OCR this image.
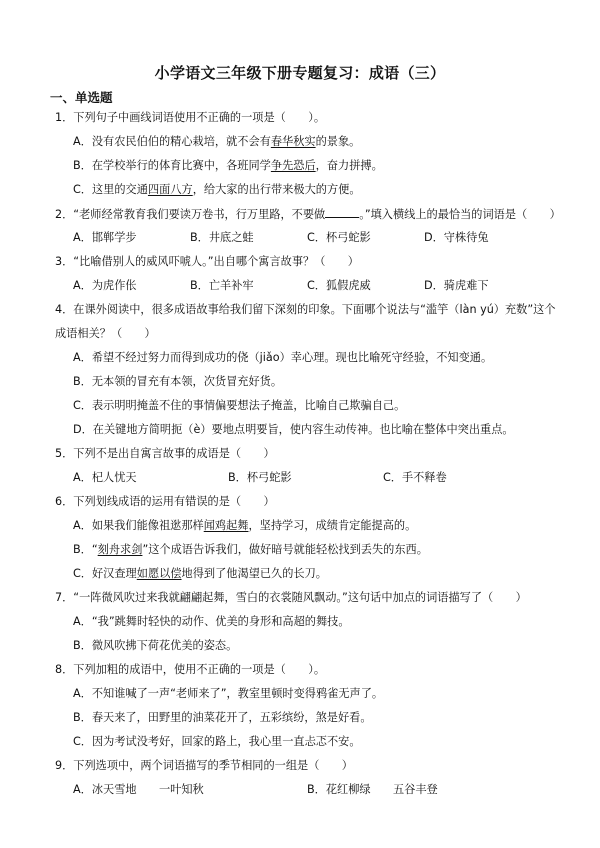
小学语文三年级下册专题复习：成语（三）
一、单选题
1．下列句子中画线词语使用不正确的一项是（　　）。
A．没有农民伯伯的精心栽培，就不会有春华秋实的景象。
B．在学校举行的体育比赛中，各班同学争先恐后，奋力拼搏。
C．这里的交通四面八方，给大家的出行带来极大的方便。
2．“老师经常教育我们要读万卷书，行万里路，不要做	。”填入横线上的最恰当的词语是（　　）
A．邯郸学步	B．井底之蛙	C．杯弓蛇影	D．守株待兔
3．“比喻借别人的威风吓唬人。”出自哪个寓言故事？（　　）
A．为虎作伥	B．亡羊补牢	C．狐假虎威	D．骑虎难下
4．在课外阅读中，很多成语故事给我们留下深刻的印象。下面哪个说法与“滥竽（làn yú）充数”这个
成语相关？（　　）
A．希望不经过努力而得到成功的侥（jiǎo）幸心理。现也比喻死守经验，不知变通。
B．无本领的冒充有本领，次货冒充好货。
C．表示明明掩盖不住的事情偏要想法子掩盖，比喻自己欺骗自己。
D．在关键地方简明扼（è）要地点明要旨，使内容生动传神。也比喻在整体中突出重点。
5．下列不是出自寓言故事的成语是（　　）
A．杞人忧天	B．杯弓蛇影	C．手不释卷
6．下列划线成语的运用有错误的是（　　）
A．如果我们能像祖逖那样闻鸡起舞，坚持学习，成绩肯定能提高的。
B．“刻舟求剑”这个成语告诉我们，做好暗号就能轻松找到丢失的东西。
C．好汉查理如愿以偿地得到了他渴望已久的长刀。
7．“一阵微风吹过来我就翩翩起舞，雪白的衣裳随风飘动。”这句话中加点的词语描写了（　　）
A．“我”跳舞时轻快的动作、优美的身形和高超的舞技。
B．微风吹拂下荷花优美的姿态。
8．下列加粗的成语中，使用不正确的一项是（　　）。
A．不知谁喊了一声“老师来了”，教室里顿时变得鸦雀无声了。
B．春天来了，田野里的油菜花开了，五彩缤纷，煞是好看。
C．因为考试没考好，回家的路上，我心里一直忐忑不安。
9．下列选项中，两个词语描写的季节相同的一组是（　　）
A．冰天雪地　　一叶知秋	B．花红柳绿　　五谷丰登
